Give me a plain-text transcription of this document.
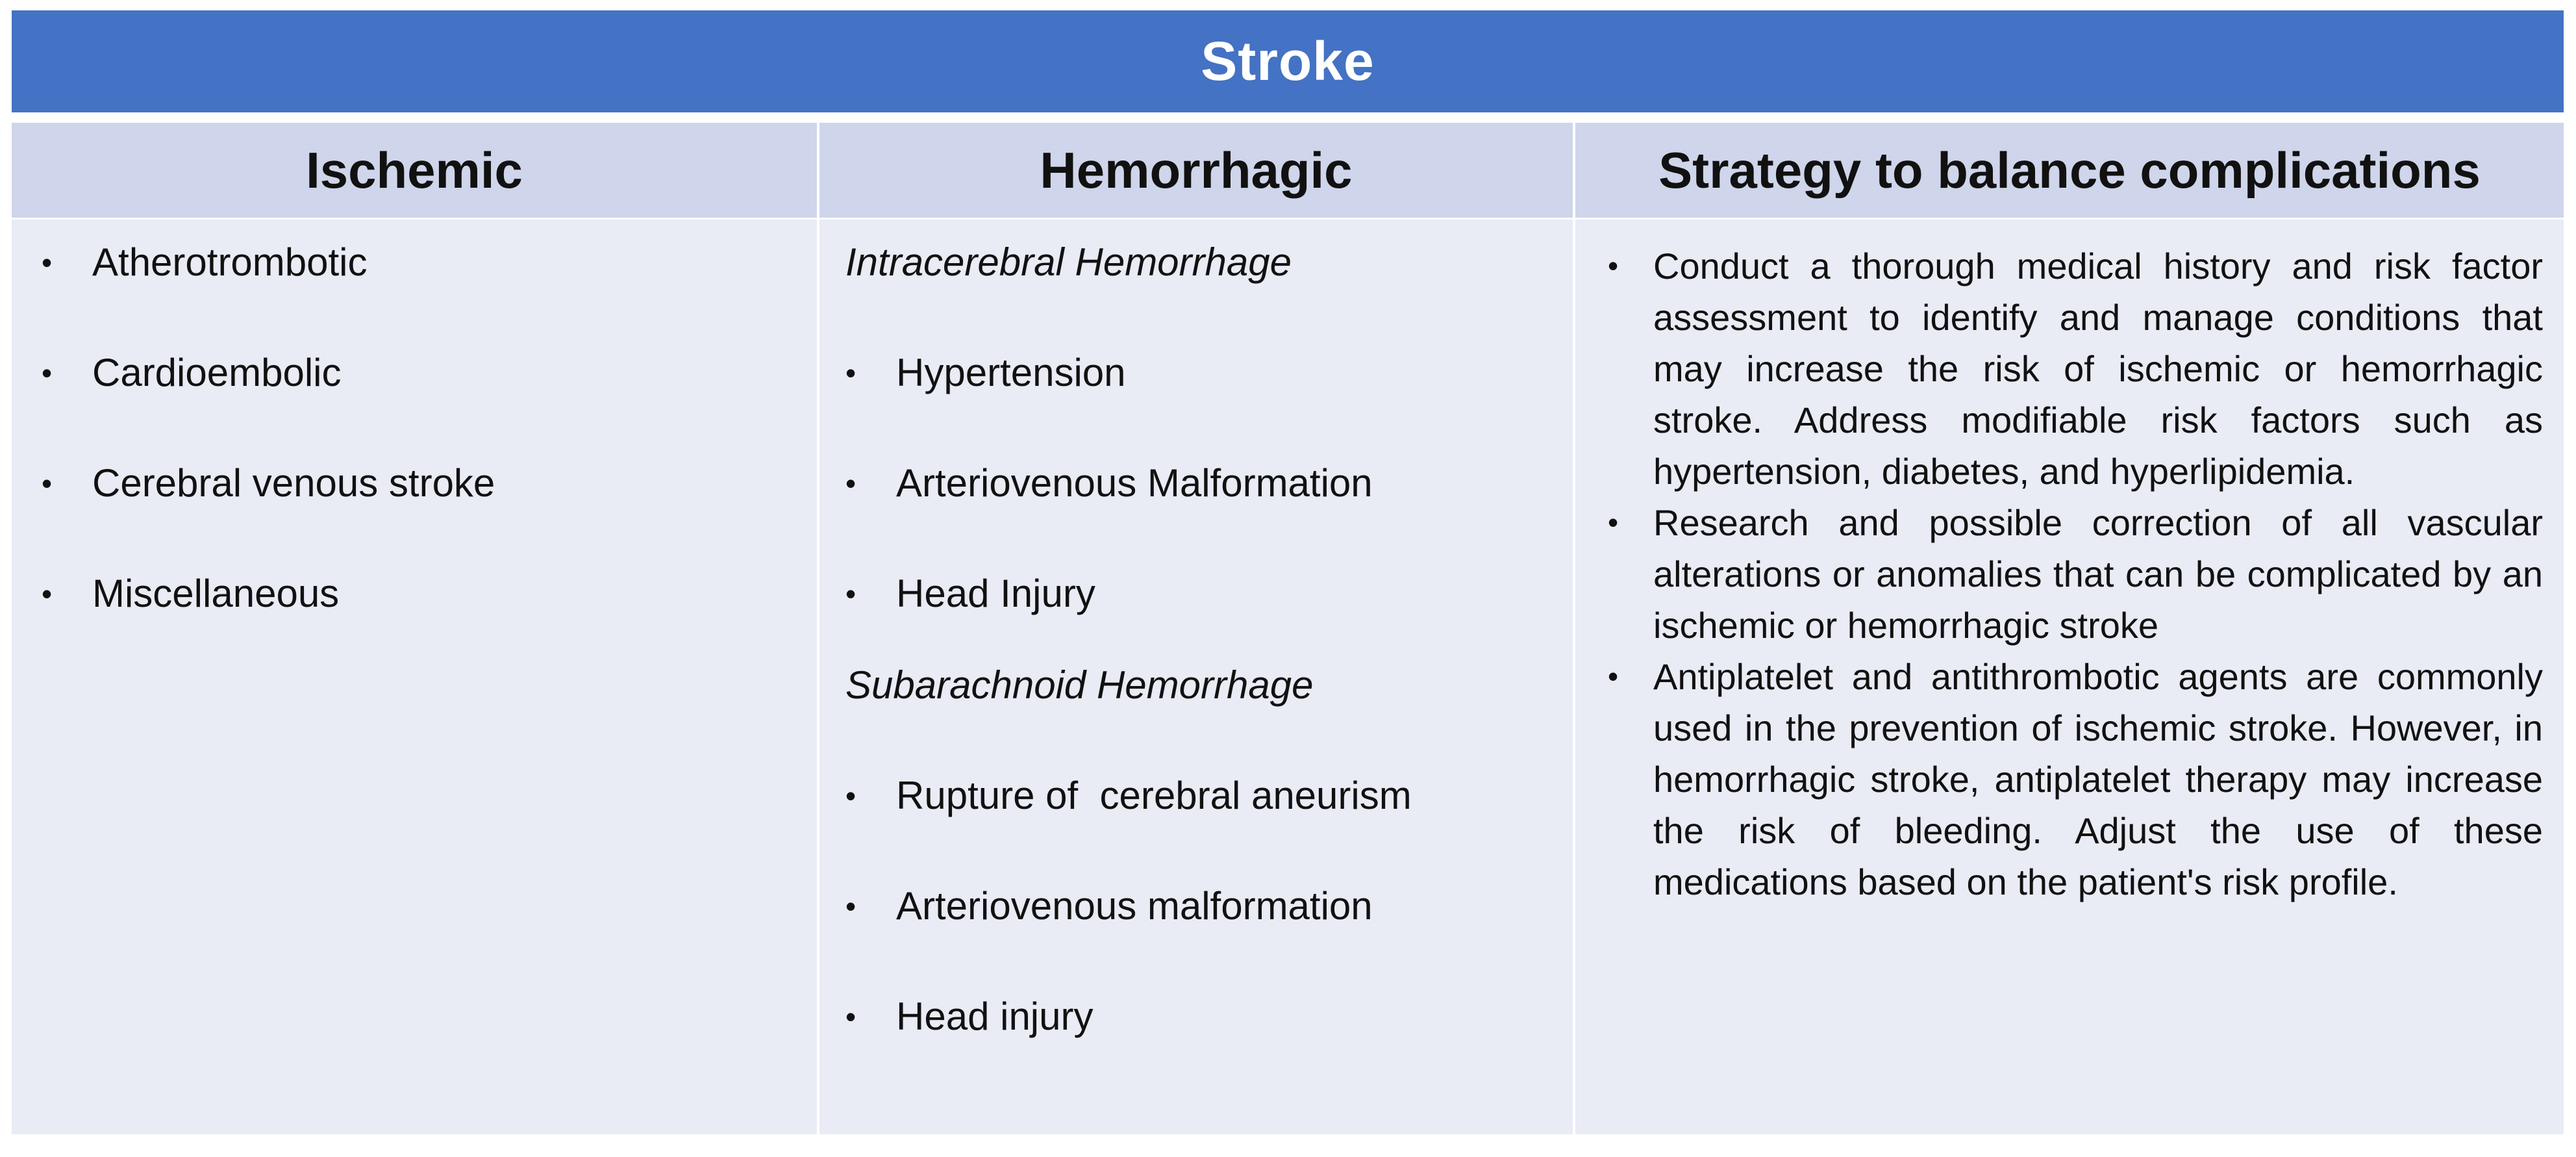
Stroke
Ischemic	Hemorrhagic	Strategy to balance complications
• Atherotrombotic
• Cardioembolic
• Cerebral venous stroke
• Miscellaneous
Intracerebral Hemorrhage
• Hypertension
• Arteriovenous Malformation
• Head Injury
Subarachnoid Hemorrhage
• Rupture of  cerebral aneurism
• Arteriovenous malformation
• Head injury
• Conduct a thorough medical history and risk factor assessment to identify and manage conditions that may increase the risk of ischemic or hemorrhagic stroke. Address modifiable risk factors such as hypertension, diabetes, and hyperlipidemia.
• Research and possible correction of all vascular alterations or anomalies that can be complicated by an ischemic or hemorrhagic stroke
• Antiplatelet and antithrombotic agents are commonly used in the prevention of ischemic stroke. However, in hemorrhagic stroke, antiplatelet therapy may increase the risk of bleeding. Adjust the use of these medications based on the patient's risk profile.
